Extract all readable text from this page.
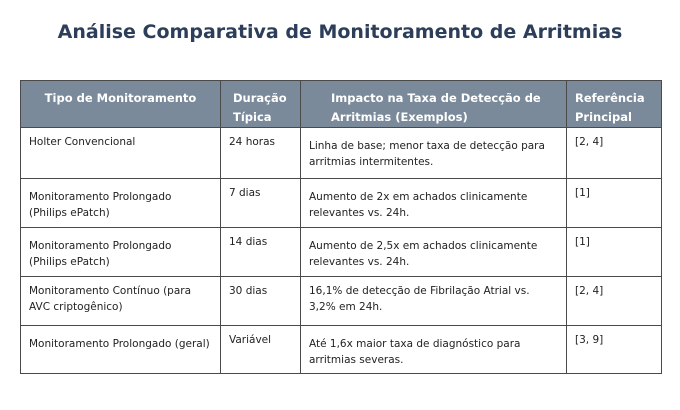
Análise Comparativa de Monitoramento de Arritmias
Tipo de Monitoramento	Duração Típica	Impacto na Taxa de Detecção de Arritmias (Exemplos)	Referência Principal
Holter Convencional	24 horas	Linha de base; menor taxa de detecção para arritmias intermitentes.	[2, 4]
Monitoramento Prolongado (Philips ePatch)	7 dias	Aumento de 2x em achados clinicamente relevantes vs. 24h.	[1]
Monitoramento Prolongado (Philips ePatch)	14 dias	Aumento de 2,5x em achados clinicamente relevantes vs. 24h.	[1]
Monitoramento Contínuo (para AVC criptogênico)	30 dias	16,1% de detecção de Fibrilação Atrial vs. 3,2% em 24h.	[2, 4]
Monitoramento Prolongado (geral)	Variável	Até 1,6x maior taxa de diagnóstico para arritmias severas.	[3, 9]
